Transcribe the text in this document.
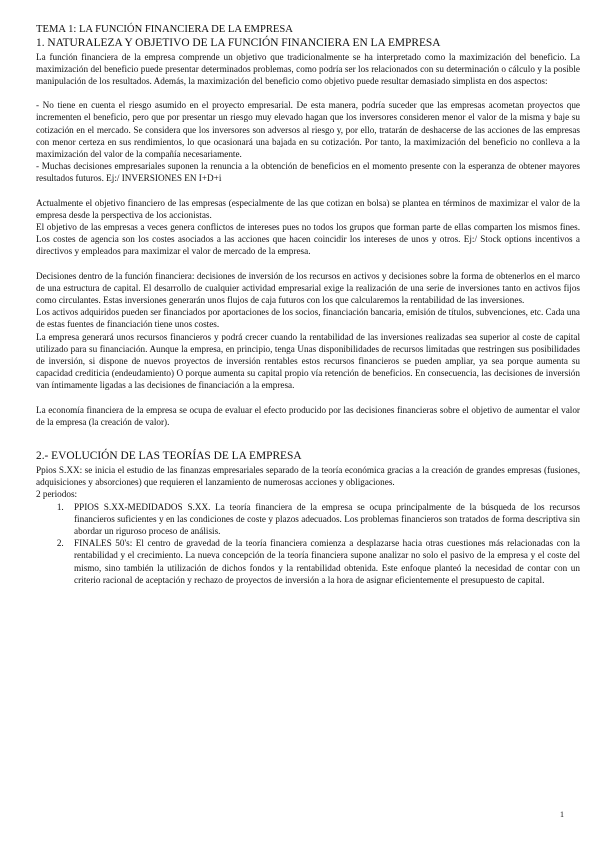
TEMA 1: LA FUNCIÓN FINANCIERA DE LA EMPRESA
1. NATURALEZA Y OBJETIVO DE LA FUNCIÓN FINANCIERA EN LA EMPRESA

La función financiera de la empresa comprende un objetivo que tradicionalmente se ha interpretado como la maximización del beneficio. La maximización del beneficio puede presentar determinados problemas, como podría ser los relacionados con su determinación o cálculo y la posible manipulación de los resultados. Además, la maximización del beneficio como objetivo puede resultar demasiado simplista en dos aspectos:

- No tiene en cuenta el riesgo asumido en el proyecto empresarial. De esta manera, podría suceder que las empresas acometan proyectos que incrementen el beneficio, pero que por presentar un riesgo muy elevado hagan que los inversores consideren menor el valor de la misma y baje su cotización en el mercado. Se considera que los inversores son adversos al riesgo y, por ello, tratarán de deshacerse de las acciones de las empresas con menor certeza en sus rendimientos, lo que ocasionará una bajada en su cotización. Por tanto, la maximización del beneficio no conlleva a la maximización del valor de la compañía necesariamente.

- Muchas decisiones empresariales suponen la renuncia a la obtención de beneficios en el momento presente con la esperanza de obtener mayores resultados futuros. Ej:/ INVERSIONES EN I+D+i

Actualmente el objetivo financiero de las empresas (especialmente de las que cotizan en bolsa) se plantea en términos de maximizar el valor de la empresa desde la perspectiva de los accionistas.

El objetivo de las empresas a veces genera conflictos de intereses pues no todos los grupos que forman parte de ellas comparten los mismos fines. Los costes de agencia son los costes asociados a las acciones que hacen coincidir los intereses de unos y otros. Ej:/ Stock options incentivos a directivos y empleados para maximizar el valor de mercado de la empresa.

Decisiones dentro de la función financiera: decisiones de inversión de los recursos en activos y decisiones sobre la forma de obtenerlos en el marco de una estructura de capital. El desarrollo de cualquier actividad empresarial exige la realización de una serie de inversiones tanto en activos fijos como circulantes. Estas inversiones generarán unos flujos de caja futuros con los que calcularemos la rentabilidad de las inversiones.

Los activos adquiridos pueden ser financiados por aportaciones de los socios, financiación bancaria, emisión de títulos, subvenciones, etc. Cada una de estas fuentes de financiación tiene unos costes.

La empresa generará unos recursos financieros y podrá crecer cuando la rentabilidad de las inversiones realizadas sea superior al coste de capital utilizado para su financiación. Aunque la empresa, en principio, tenga Unas disponibilidades de recursos limitadas que restringen sus posibilidades de inversión, si dispone de nuevos proyectos de inversión rentables estos recursos financieros se pueden ampliar, ya sea porque aumenta su capacidad crediticia (endeudamiento) O porque aumenta su capital propio vía retención de beneficios. En consecuencia, las decisiones de inversión van íntimamente ligadas a las decisiones de financiación a la empresa.

La economía financiera de la empresa se ocupa de evaluar el efecto producido por las decisiones financieras sobre el objetivo de aumentar el valor de la empresa (la creación de valor).

2.- EVOLUCIÓN DE LAS TEORÍAS DE LA EMPRESA

Ppios S.XX: se inicia el estudio de las finanzas empresariales separado de la teoría económica gracias a la creación de grandes empresas (fusiones, adquisiciones y absorciones) que requieren el lanzamiento de numerosas acciones y obligaciones.

2 periodos:

1. PPIOS S.XX-MEDIDADOS S.XX. La teoría financiera de la empresa se ocupa principalmente de la búsqueda de los recursos financieros suficientes y en las condiciones de coste y plazos adecuados. Los problemas financieros son tratados de forma descriptiva sin abordar un riguroso proceso de análisis.
2. FINALES 50's: El centro de gravedad de la teoría financiera comienza a desplazarse hacia otras cuestiones más relacionadas con la rentabilidad y el crecimiento. La nueva concepción de la teoría financiera supone analizar no solo el pasivo de la empresa y el coste del mismo, sino también la utilización de dichos fondos y la rentabilidad obtenida. Este enfoque planteó la necesidad de contar con un criterio racional de aceptación y rechazo de proyectos de inversión a la hora de asignar eficientemente el presupuesto de capital.
1
